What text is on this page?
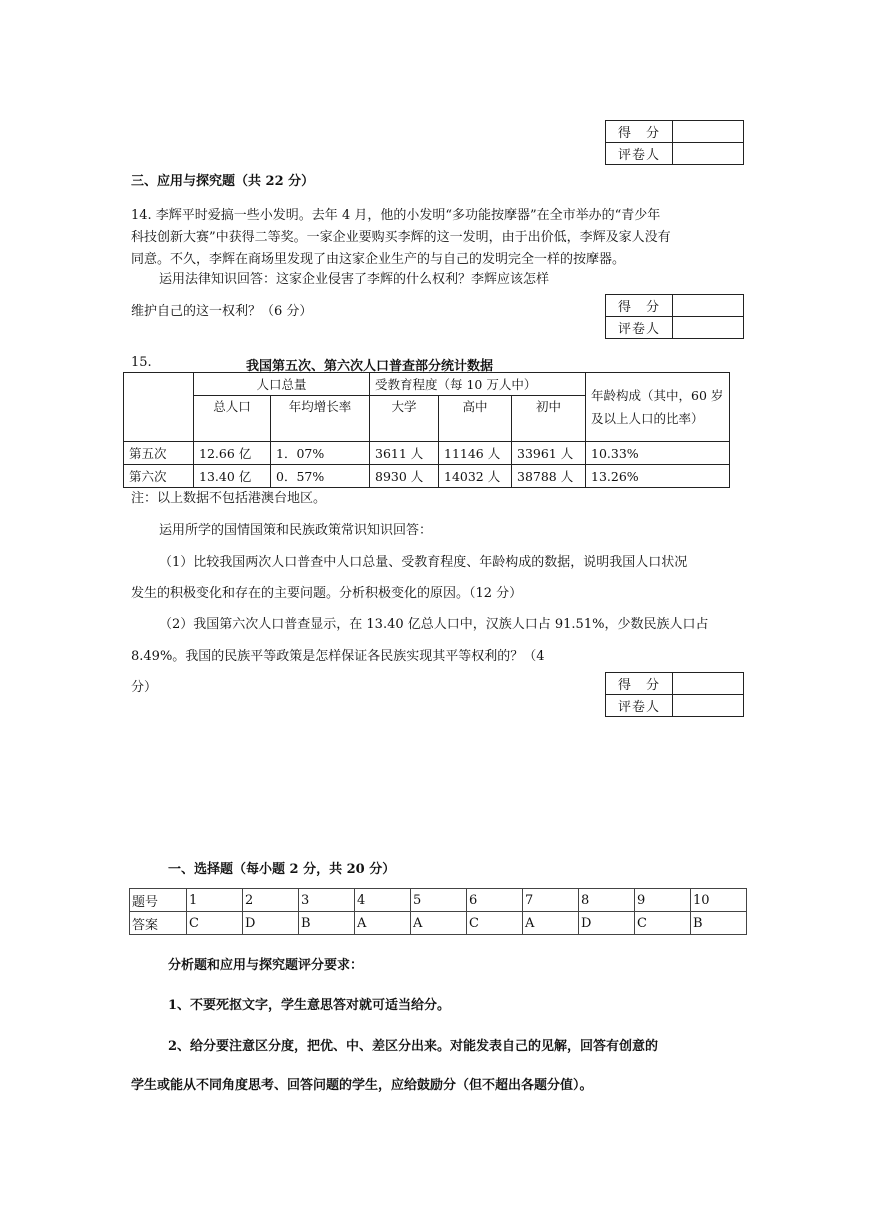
得　分	
评卷人	
三、应用与探究题（共 22 分）
14. 李辉平时爱搞一些小发明。去年 4 月，他的小发明“多功能按摩器”在全市举办的“青少年
科技创新大赛”中获得二等奖。一家企业要购买李辉的这一发明，由于出价低，李辉及家人没有
同意。不久，李辉在商场里发现了由这家企业生产的与自己的发明完全一样的按摩器。
运用法律知识回答：这家企业侵害了李辉的什么权利？李辉应该怎样
维护自己的这一权利？（6 分）	得　分	
评卷人	
15.	我国第五次、第六次人口普查部分统计数据
	人口总量		受教育程度（每 10 万人中）			年龄构成（其中，60 岁及以上人口的比率）
	总人口	年均增长率	大学	高中	初中	
第五次	12.66 亿	1．07%	3611 人	11146 人	33961 人	10.33%
第六次	13.40 亿	0．57%	8930 人	14032 人	38788 人	13.26%
注：以上数据不包括港澳台地区。
运用所学的国情国策和民族政策常识知识回答：
（1）比较我国两次人口普查中人口总量、受教育程度、年龄构成的数据，说明我国人口状况
发生的积极变化和存在的主要问题。分析积极变化的原因。（12 分）
（2）我国第六次人口普查显示，在 13.40 亿总人口中，汉族人口占 91.51%，少数民族人口占
8.49%。我国的民族平等政策是怎样保证各民族实现其平等权利的？（4
分）	得　分	
评卷人	
一、选择题（每小题 2 分，共 20 分）
题号	1	2	3	4	5	6	7	8	9	10
答案	C	D	B	A	A	C	A	D	C	B
分析题和应用与探究题评分要求：
1、不要死抠文字，学生意思答对就可适当给分。
2、给分要注意区分度，把优、中、差区分出来。对能发表自己的见解，回答有创意的
学生或能从不同角度思考、回答问题的学生，应给鼓励分（但不超出各题分值）。
